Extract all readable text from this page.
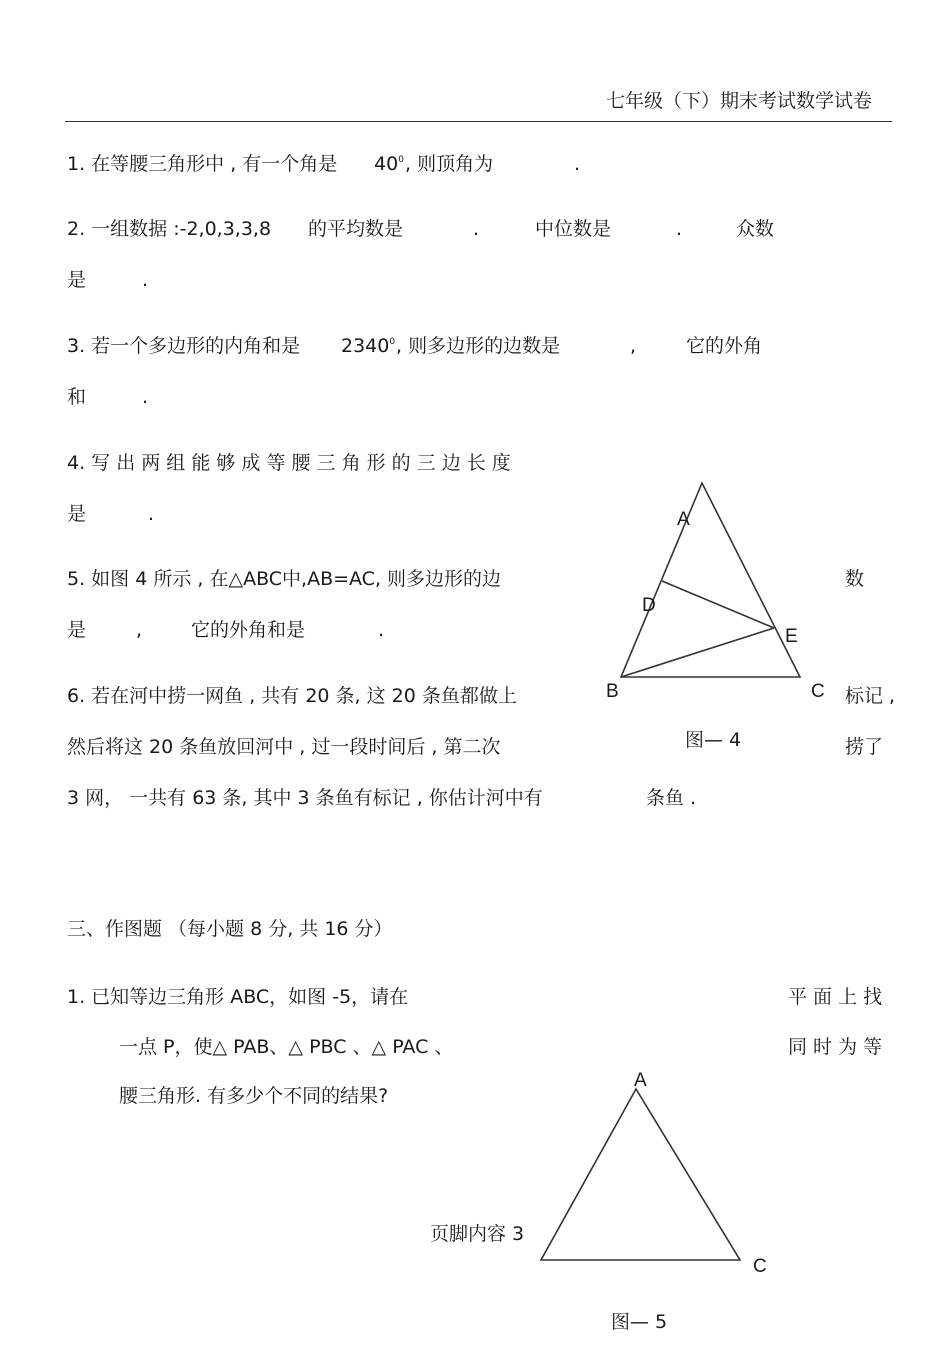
七年级（下）期末考试数学试卷
1. 在等腰三角形中 , 有一个角是 $40^0$ , 则顶角为	.
2. 一组数据 :-2,0,3,3,8 的平均数是	.	中位数是	.	众数
是	.
3. 若一个多边形的内角和是 2340$^0$ , 则多边形的边数是	,	它的外角
和	.
4. 写 出 两 组 能 够 成 等 腰 三 角 形 的 三 边 长 度
是	.
5. 如图 4 所示 , 在△ABC中,AB=AC, 则多边形的边	数
是	,	它的外角和是	.
6. 若在河中捞一网鱼 , 共有 20 条, 这 20 条鱼都做上	标记 ,
然后将这 20 条鱼放回河中 , 过一段时间后 , 第二次	捞了
3 网， 一共有 63 条, 其中 3 条鱼有标记 , 你估计河中有	条鱼 .
A
D
E
B	C
图— 4
三、作图题 （每小题 8 分, 共 16 分）
1. 已知等边三角形 ABC，如图 -5，请在	平 面 上 找
一点 P，使△ PAB、△ PBC 、△ PAC 、	同 时 为 等
腰三角形. 有多少个不同的结果?
A
C
页脚内容 3
图— 5
